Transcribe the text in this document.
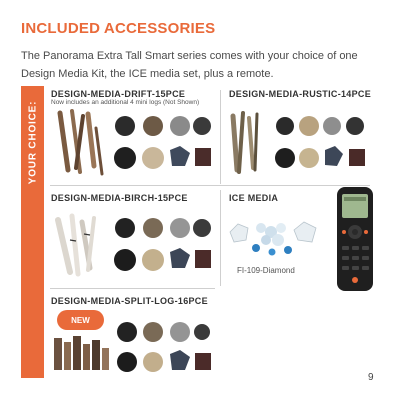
INCLUDED ACCESSORIES
The Panorama Extra Tall Smart series comes with your choice of one Design Media Kit, the ICE media set, plus a remote.
YOUR CHOICE:
DESIGN-MEDIA-DRIFT-15PCE
Now includes an additional 4 mini logs (Not Shown)
DESIGN-MEDIA-RUSTIC-14PCE
DESIGN-MEDIA-BIRCH-15PCE	ICE MEDIA
FI-109-Diamond
DESIGN-MEDIA-SPLIT-LOG-16PCE
NEW
9
